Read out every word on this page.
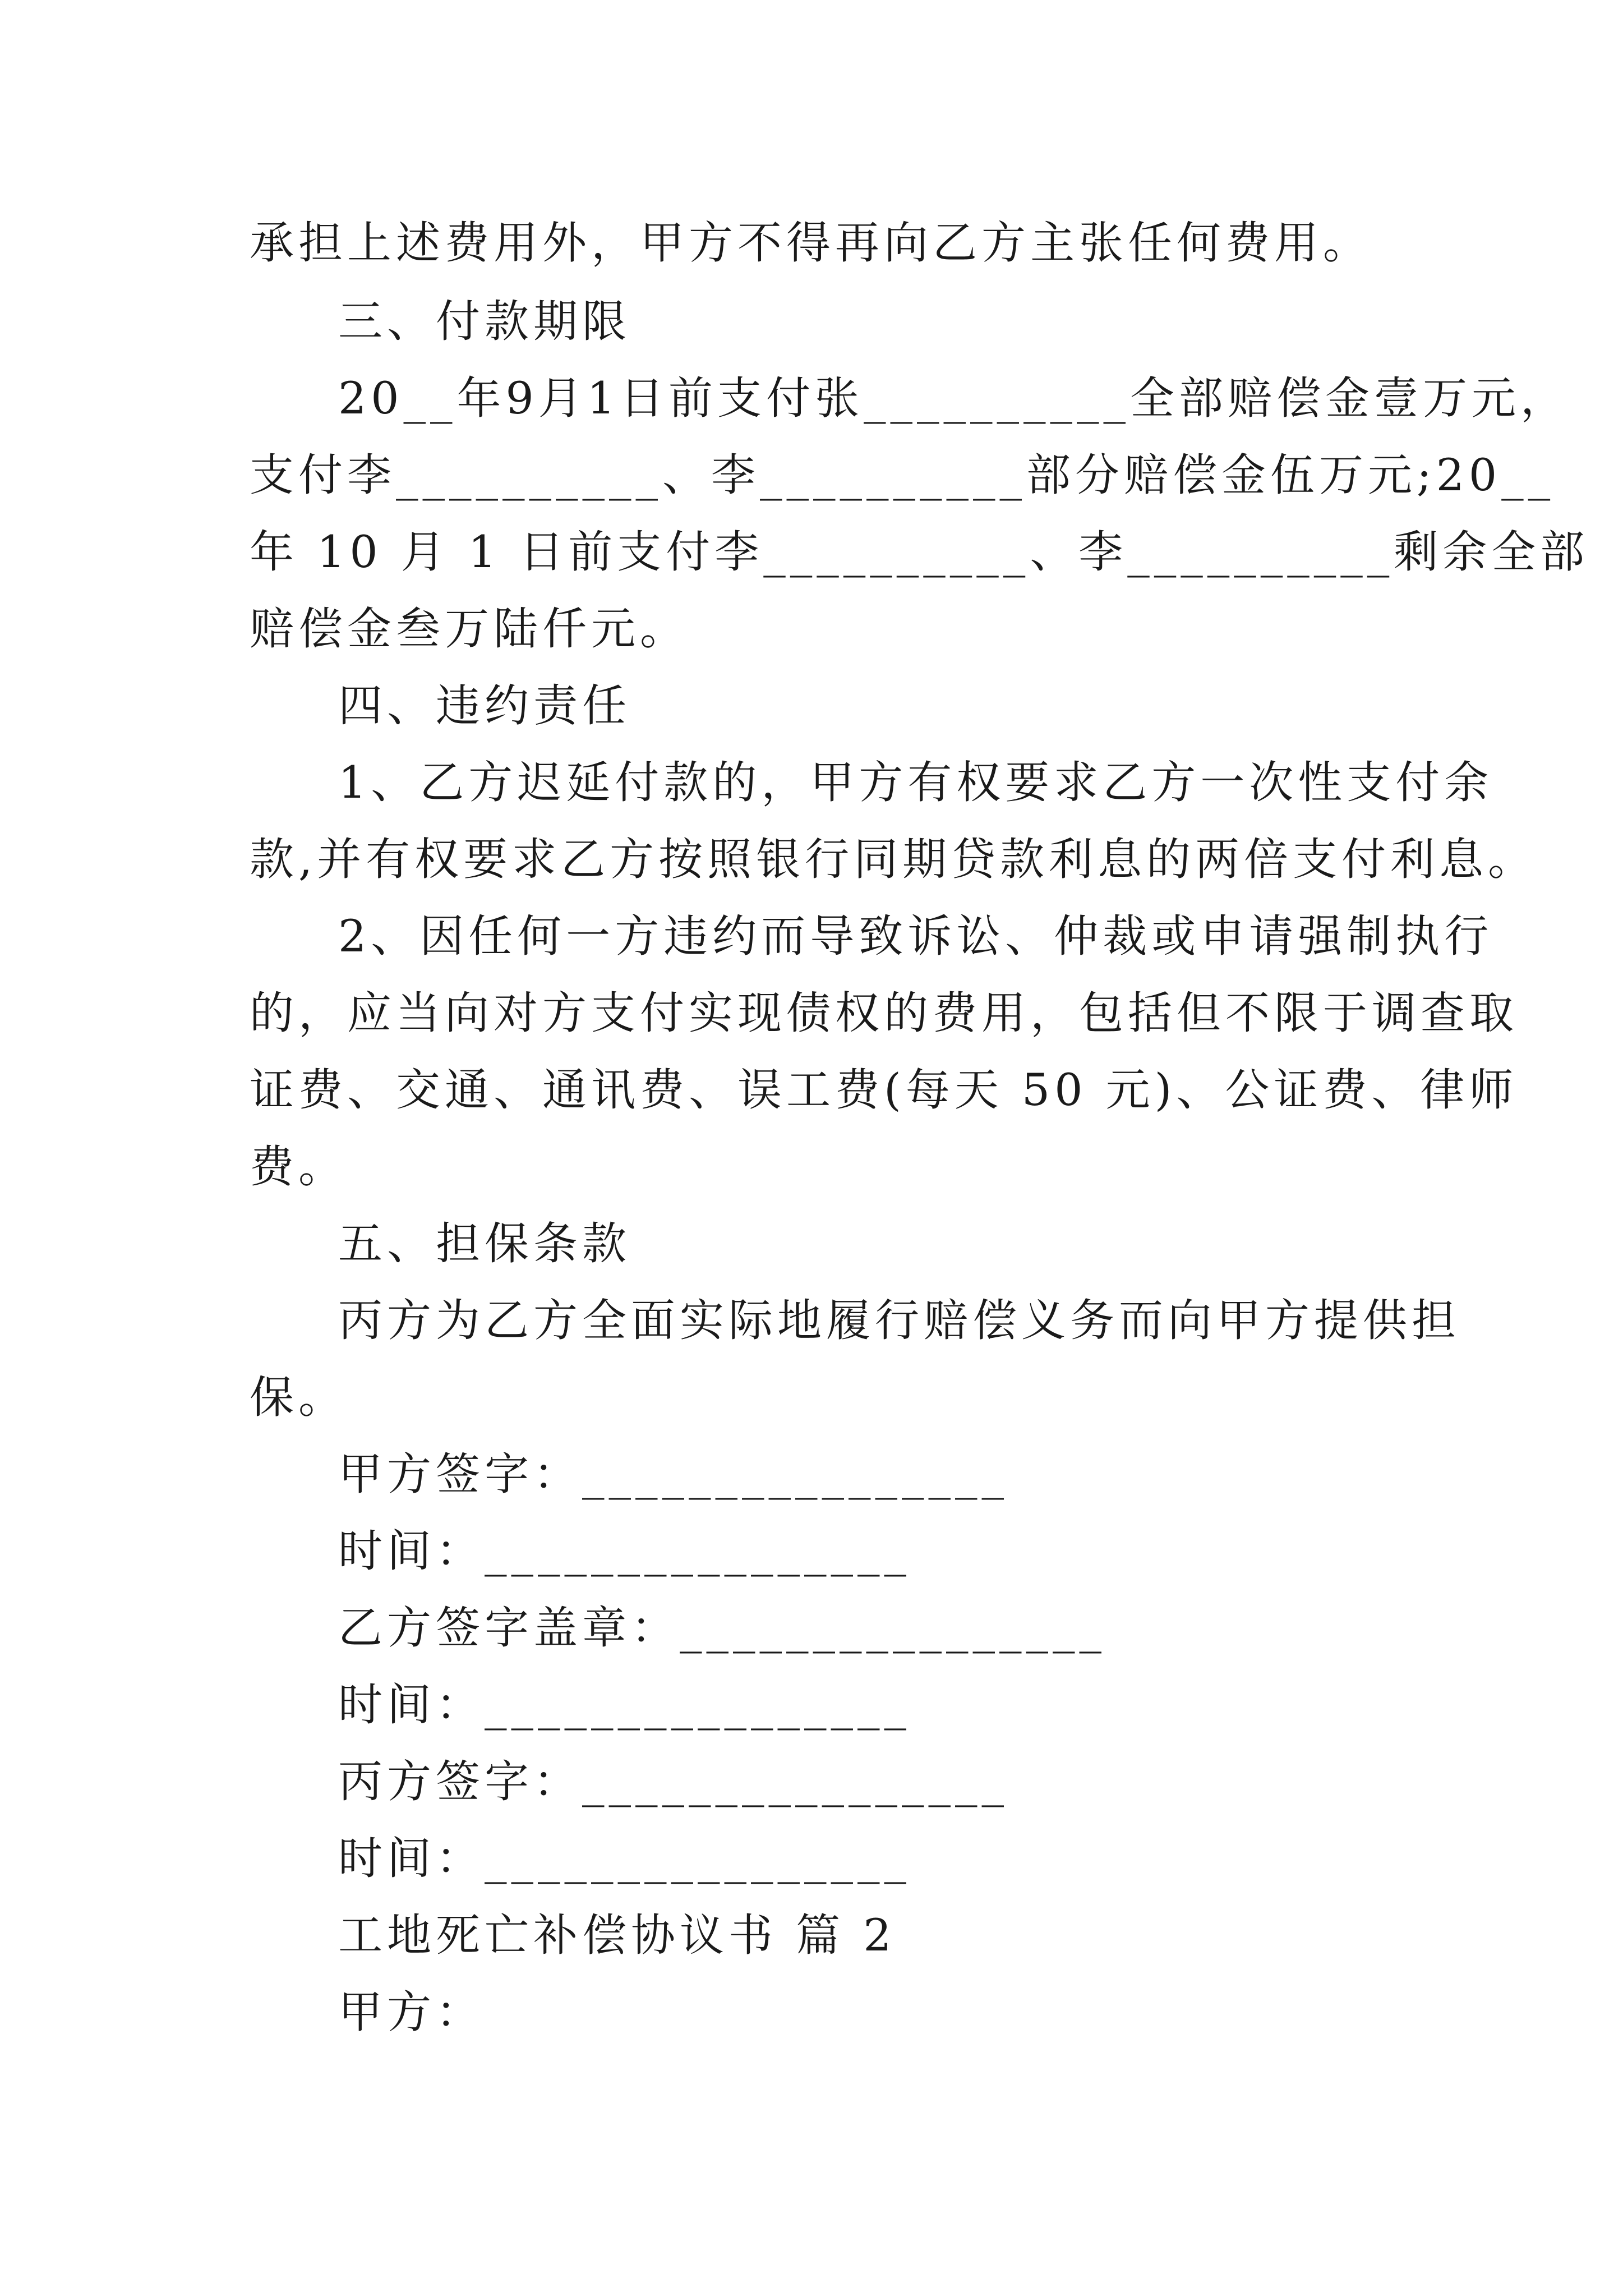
承担上述费用外，甲方不得再向乙方主张任何费用。
三、付款期限
20__年9月1日前支付张__________全部赔偿金壹万元，
支付李__________、李__________部分赔偿金伍万元;20__
年 10 月 1 日前支付李__________、李__________剩余全部
赔偿金叁万陆仟元。
四、违约责任
1、乙方迟延付款的，甲方有权要求乙方一次性支付余
款,并有权要求乙方按照银行同期贷款利息的两倍支付利息。
2、因任何一方违约而导致诉讼、仲裁或申请强制执行
的，应当向对方支付实现债权的费用，包括但不限于调查取
证费、交通、通讯费、误工费(每天 50 元)、公证费、律师
费。
五、担保条款
丙方为乙方全面实际地履行赔偿义务而向甲方提供担
保。
甲方签字：________________
时间：________________
乙方签字盖章：________________
时间：________________
丙方签字：________________
时间：________________
工地死亡补偿协议书 篇 2
甲方：
